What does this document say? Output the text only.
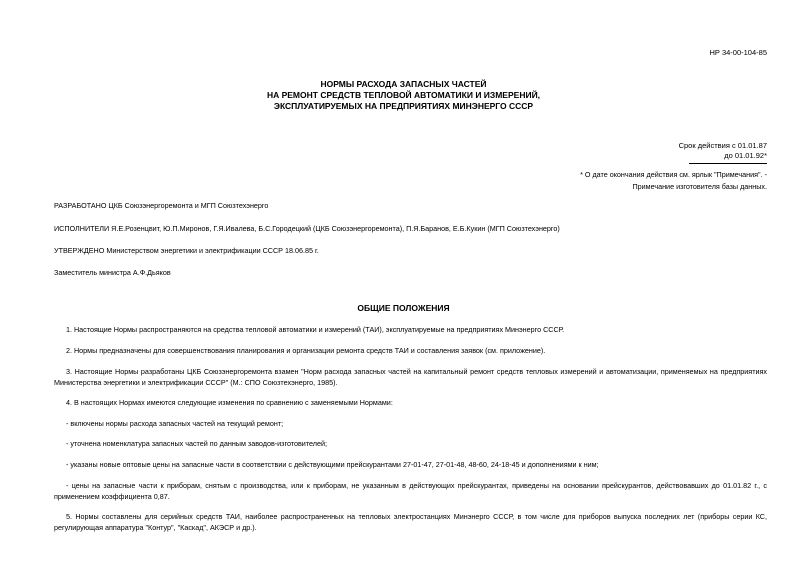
НР 34-00-104-85
НОРМЫ РАСХОДА ЗАПАСНЫХ ЧАСТЕЙ
НА РЕМОНТ СРЕДСТВ ТЕПЛОВОЙ АВТОМАТИКИ И ИЗМЕРЕНИЙ,
ЭКСПЛУАТИРУЕМЫХ НА ПРЕДПРИЯТИЯХ МИНЭНЕРГО СССР
Срок действия с 01.01.87
до 01.01.92*
* О дате окончания действия см. ярлык "Примечания". -
Примечание изготовителя базы данных.
РАЗРАБОТАНО ЦКБ Союзэнергоремонта и МГП Союзтехэнерго
ИСПОЛНИТЕЛИ Я.Е.Розенцвит, Ю.П.Миронов, Г.Я.Ивалева, Б.С.Городецкий (ЦКБ Союзэнергоремонта), П.Я.Баранов, Е.Б.Кукин (МГП Союзтехэнерго)
УТВЕРЖДЕНО Министерством энергетики и электрификации СССР 18.06.85 г.
Заместитель министра А.Ф.Дьяков
ОБЩИЕ ПОЛОЖЕНИЯ
1. Настоящие Нормы распространяются на средства тепловой автоматики и измерений (ТАИ), эксплуатируемые на предприятиях Минэнерго СССР.
2. Нормы предназначены для совершенствования планирования и организации ремонта средств ТАИ и составления заявок (см. приложение).
3. Настоящие Нормы разработаны ЦКБ Союзэнергоремонта взамен "Норм расхода запасных частей на капитальный ремонт средств тепловых измерений и автоматизации, применяемых на предприятиях Министерства энергетики и электрификации СССР" (М.: СПО Союзтехэнерго, 1985).
4. В настоящих Нормах имеются следующие изменения по сравнению с заменяемыми Нормами:
- включены нормы расхода запасных частей на текущий ремонт;
- уточнена номенклатура запасных частей по данным заводов-изготовителей;
- указаны новые оптовые цены на запасные части в соответствии с действующими прейскурантами 27-01-47, 27-01-48, 48-60, 24-18-45 и дополнениями к ним;
- цены на запасные части к приборам, снятым с производства, или к приборам, не указанным в действующих прейскурантах, приведены на основании прейскурантов, действовавших до 01.01.82 г., с применением коэффициента 0,87.
5. Нормы составлены для серийных средств ТАИ, наиболее распространенных на тепловых электростанциях Минэнерго СССР, в том числе для приборов выпуска последних лет (приборы серии КС, регулирующая аппаратура "Контур", "Каскад", АКЭСР и др.).
